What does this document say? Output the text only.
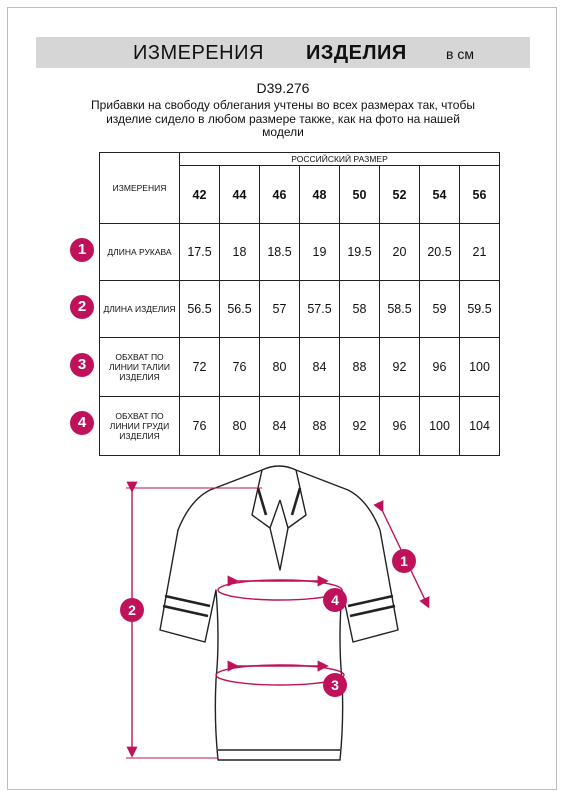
ИЗМЕРЕНИЯ ИЗДЕЛИЯ	в см
D39.276
Прибавки на свободу облегания учтены во всех размерах так, чтобы изделие сидело в любом размере также, как на фото на нашей модели
ИЗМЕРЕНИЯ	РОССИЙСКИЙ РАЗМЕР							
	42	44	46	48	50	52	54	56
ДЛИНА РУКАВА	17.5	18	18.5	19	19.5	20	20.5	21
ДЛИНА ИЗДЕЛИЯ	56.5	56.5	57	57.5	58	58.5	59	59.5
ОБХВАТ ПО ЛИНИИ ТАЛИИ ИЗДЕЛИЯ	72	76	80	84	88	92	96	100
ОБХВАТ ПО ЛИНИИ ГРУДИ ИЗДЕЛИЯ	76	80	84	88	92	96	100	104
1
2
3
4
1
2
3
4
